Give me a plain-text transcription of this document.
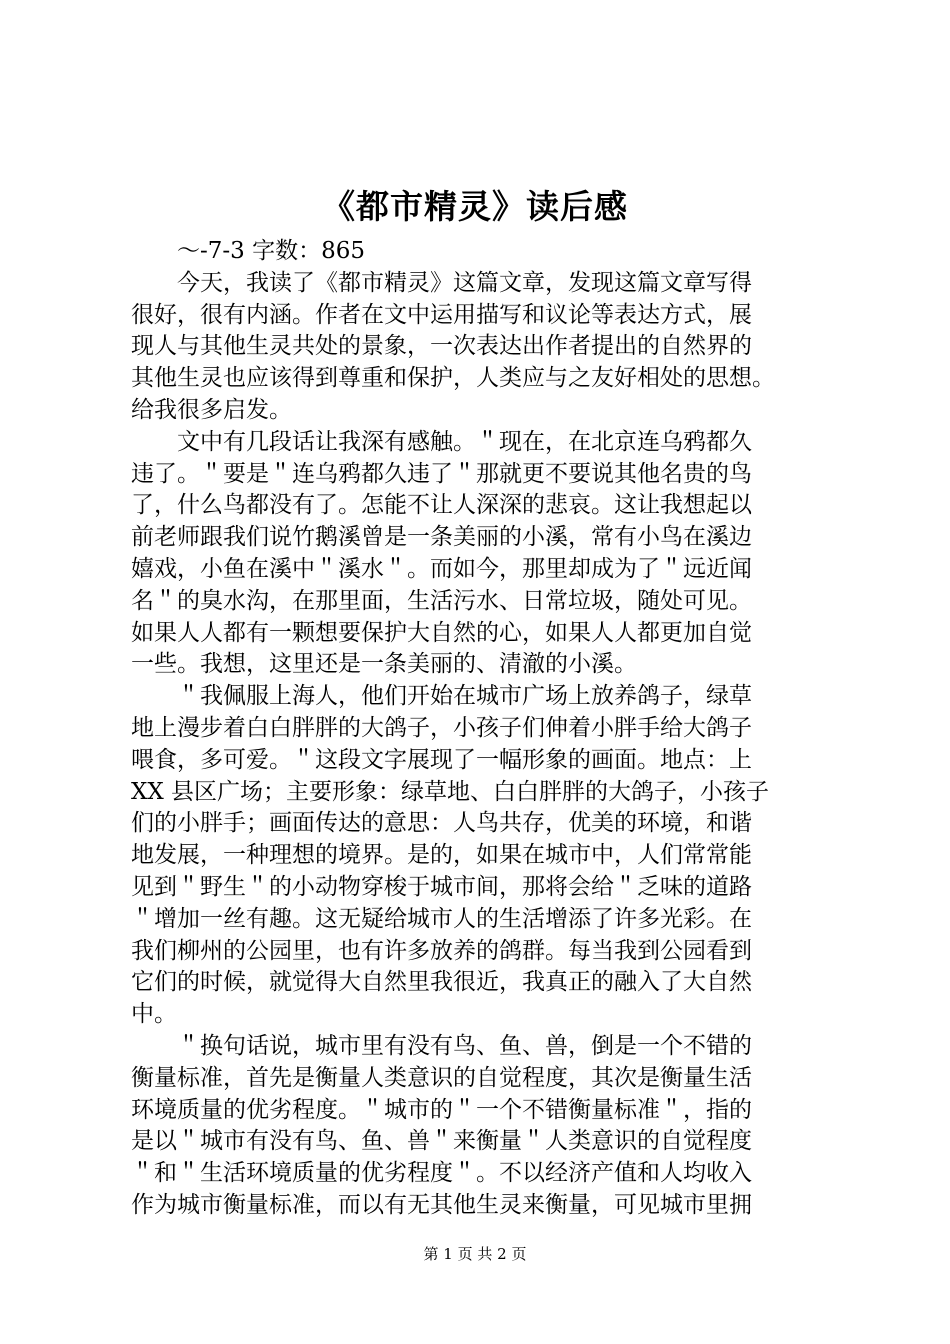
《都市精灵》读后感
　　～-7-3 字数：865
　　今天，我读了《都市精灵》这篇文章，发现这篇文章写得
很好，很有内涵。作者在文中运用描写和议论等表达方式，展
现人与其他生灵共处的景象，一次表达出作者提出的自然界的
其他生灵也应该得到尊重和保护，人类应与之友好相处的思想。
给我很多启发。
　　文中有几段话让我深有感触。＂现在，在北京连乌鸦都久
违了。＂要是＂连乌鸦都久违了＂那就更不要说其他名贵的鸟
了，什么鸟都没有了。怎能不让人深深的悲哀。这让我想起以
前老师跟我们说竹鹅溪曾是一条美丽的小溪，常有小鸟在溪边
嬉戏，小鱼在溪中＂溪水＂。而如今，那里却成为了＂远近闻
名＂的臭水沟，在那里面，生活污水、日常垃圾，随处可见。
如果人人都有一颗想要保护大自然的心，如果人人都更加自觉
一些。我想，这里还是一条美丽的、清澈的小溪。
　　＂我佩服上海人，他们开始在城市广场上放养鸽子，绿草
地上漫步着白白胖胖的大鸽子，小孩子们伸着小胖手给大鸽子
喂食，多可爱。＂这段文字展现了一幅形象的画面。地点：上
XX 县区广场；主要形象：绿草地、白白胖胖的大鸽子，小孩子
们的小胖手；画面传达的意思：人鸟共存，优美的环境，和谐
地发展，一种理想的境界。是的，如果在城市中，人们常常能
见到＂野生＂的小动物穿梭于城市间，那将会给＂乏味的道路
＂增加一丝有趣。这无疑给城市人的生活增添了许多光彩。在
我们柳州的公园里，也有许多放养的鸽群。每当我到公园看到
它们的时候，就觉得大自然里我很近，我真正的融入了大自然
中。
　　＂换句话说，城市里有没有鸟、鱼、兽，倒是一个不错的
衡量标准，首先是衡量人类意识的自觉程度，其次是衡量生活
环境质量的优劣程度。＂城市的＂一个不错衡量标准＂，指的
是以＂城市有没有鸟、鱼、兽＂来衡量＂人类意识的自觉程度
＂和＂生活环境质量的优劣程度＂。不以经济产值和人均收入
作为城市衡量标准，而以有无其他生灵来衡量，可见城市里拥
第 1 页 共 2 页
